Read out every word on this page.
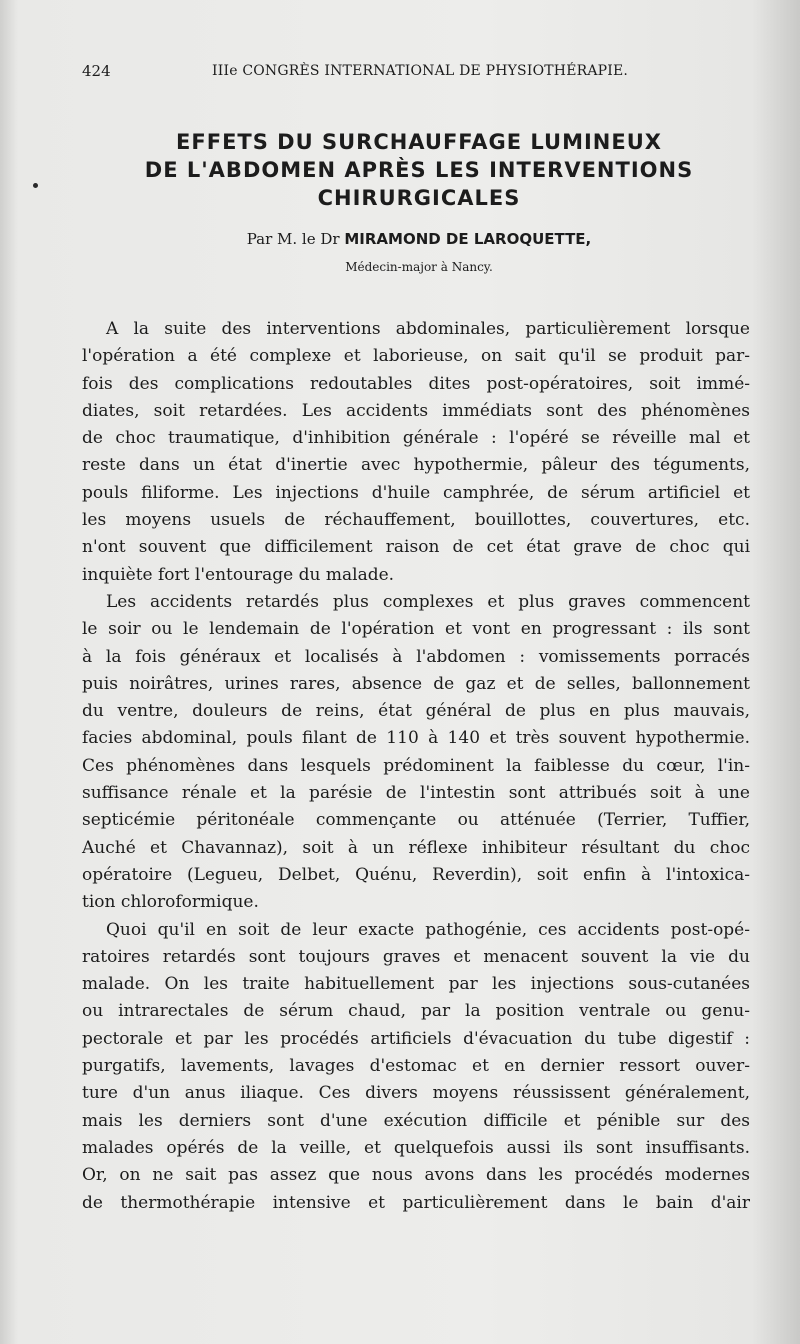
424	IIIe CONGRÈS INTERNATIONAL DE PHYSIOTHÉRAPIE.
EFFETS DU SURCHAUFFAGE LUMINEUX
DE L'ABDOMEN APRÈS LES INTERVENTIONS
CHIRURGICALES
Par M. le Dr MIRAMOND DE LAROQUETTE,
Médecin-major à Nancy.
A la suite des interventions abdominales, particulièrement lorsque
l'opération a été complexe et laborieuse, on sait qu'il se produit par-
fois des complications redoutables dites post-opératoires, soit immé-
diates, soit retardées. Les accidents immédiats sont des phénomènes
de choc traumatique, d'inhibition générale : l'opéré se réveille mal et
reste dans un état d'inertie avec hypothermie, pâleur des téguments,
pouls filiforme. Les injections d'huile camphrée, de sérum artificiel et
les moyens usuels de réchauffement, bouillottes, couvertures, etc.
n'ont souvent que difficilement raison de cet état grave de choc qui
inquiète fort l'entourage du malade.
Les accidents retardés plus complexes et plus graves commencent
le soir ou le lendemain de l'opération et vont en progressant : ils sont
à la fois généraux et localisés à l'abdomen : vomissements porracés
puis noirâtres, urines rares, absence de gaz et de selles, ballonnement
du ventre, douleurs de reins, état général de plus en plus mauvais,
facies abdominal, pouls filant de 110 à 140 et très souvent hypothermie.
Ces phénomènes dans lesquels prédominent la faiblesse du cœur, l'in-
suffisance rénale et la parésie de l'intestin sont attribués soit à une
septicémie péritonéale commençante ou atténuée (Terrier, Tuffier,
Auché et Chavannaz), soit à un réflexe inhibiteur résultant du choc
opératoire (Legueu, Delbet, Quénu, Reverdin), soit enfin à l'intoxica-
tion chloroformique.
Quoi qu'il en soit de leur exacte pathogénie, ces accidents post-opé-
ratoires retardés sont toujours graves et menacent souvent la vie du
malade. On les traite habituellement par les injections sous-cutanées
ou intrarectales de sérum chaud, par la position ventrale ou genu-
pectorale et par les procédés artificiels d'évacuation du tube digestif :
purgatifs, lavements, lavages d'estomac et en dernier ressort ouver-
ture d'un anus iliaque. Ces divers moyens réussissent généralement,
mais les derniers sont d'une exécution difficile et pénible sur des
malades opérés de la veille, et quelquefois aussi ils sont insuffisants.
Or, on ne sait pas assez que nous avons dans les procédés modernes
de thermothérapie intensive et particulièrement dans le bain d'air
